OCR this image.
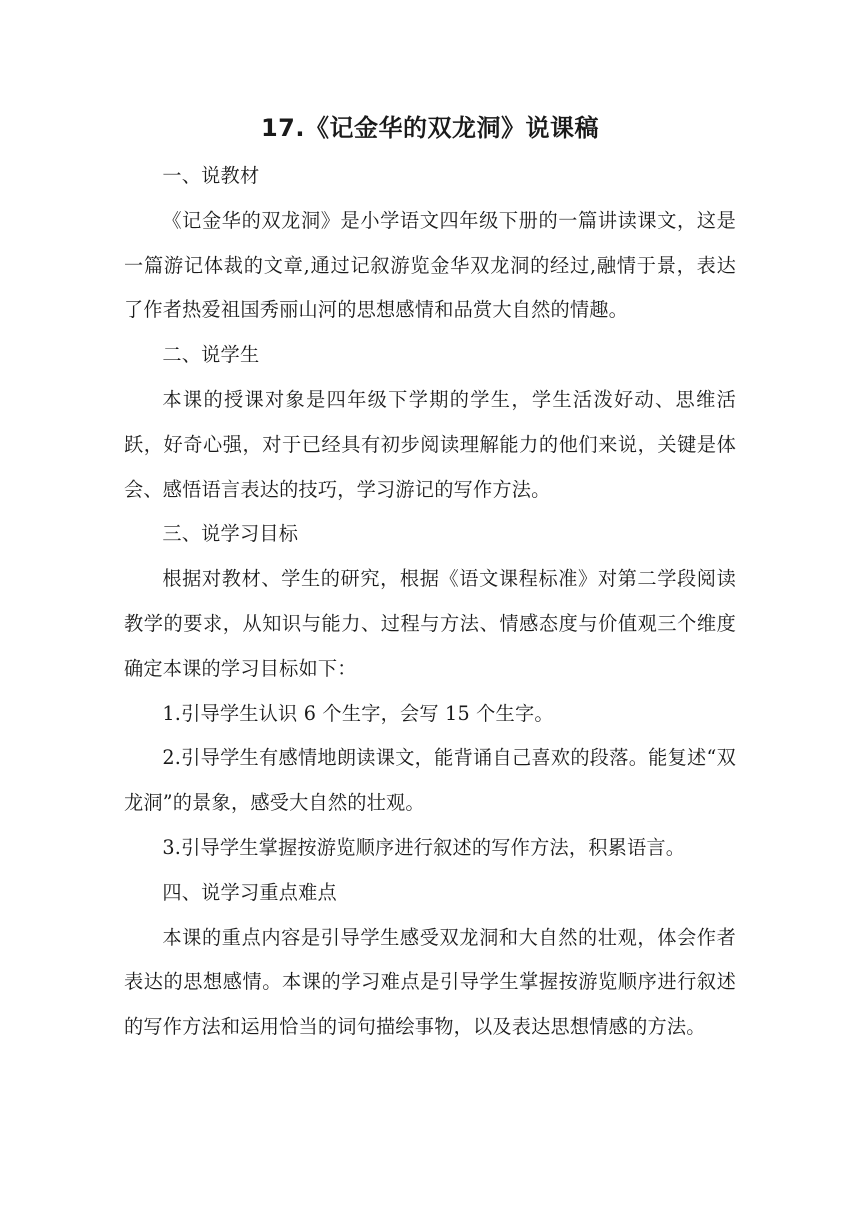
17.《记金华的双龙洞》说课稿

一、说教材

《记金华的双龙洞》是小学语文四年级下册的一篇讲读课文，这是一篇游记体裁的文章,通过记叙游览金华双龙洞的经过,融情于景，表达了作者热爱祖国秀丽山河的思想感情和品赏大自然的情趣。

二、说学生

本课的授课对象是四年级下学期的学生，学生活泼好动、思维活跃，好奇心强，对于已经具有初步阅读理解能力的他们来说，关键是体会、感悟语言表达的技巧，学习游记的写作方法。

三、说学习目标

根据对教材、学生的研究，根据《语文课程标准》对第二学段阅读教学的要求，从知识与能力、过程与方法、情感态度与价值观三个维度确定本课的学习目标如下：

1.引导学生认识 6 个生字，会写 15 个生字。

2.引导学生有感情地朗读课文，能背诵自己喜欢的段落。能复述“双龙洞”的景象，感受大自然的壮观。

3.引导学生掌握按游览顺序进行叙述的写作方法，积累语言。

四、说学习重点难点

本课的重点内容是引导学生感受双龙洞和大自然的壮观，体会作者表达的思想感情。本课的学习难点是引导学生掌握按游览顺序进行叙述的写作方法和运用恰当的词句描绘事物，以及表达思想情感的方法。
